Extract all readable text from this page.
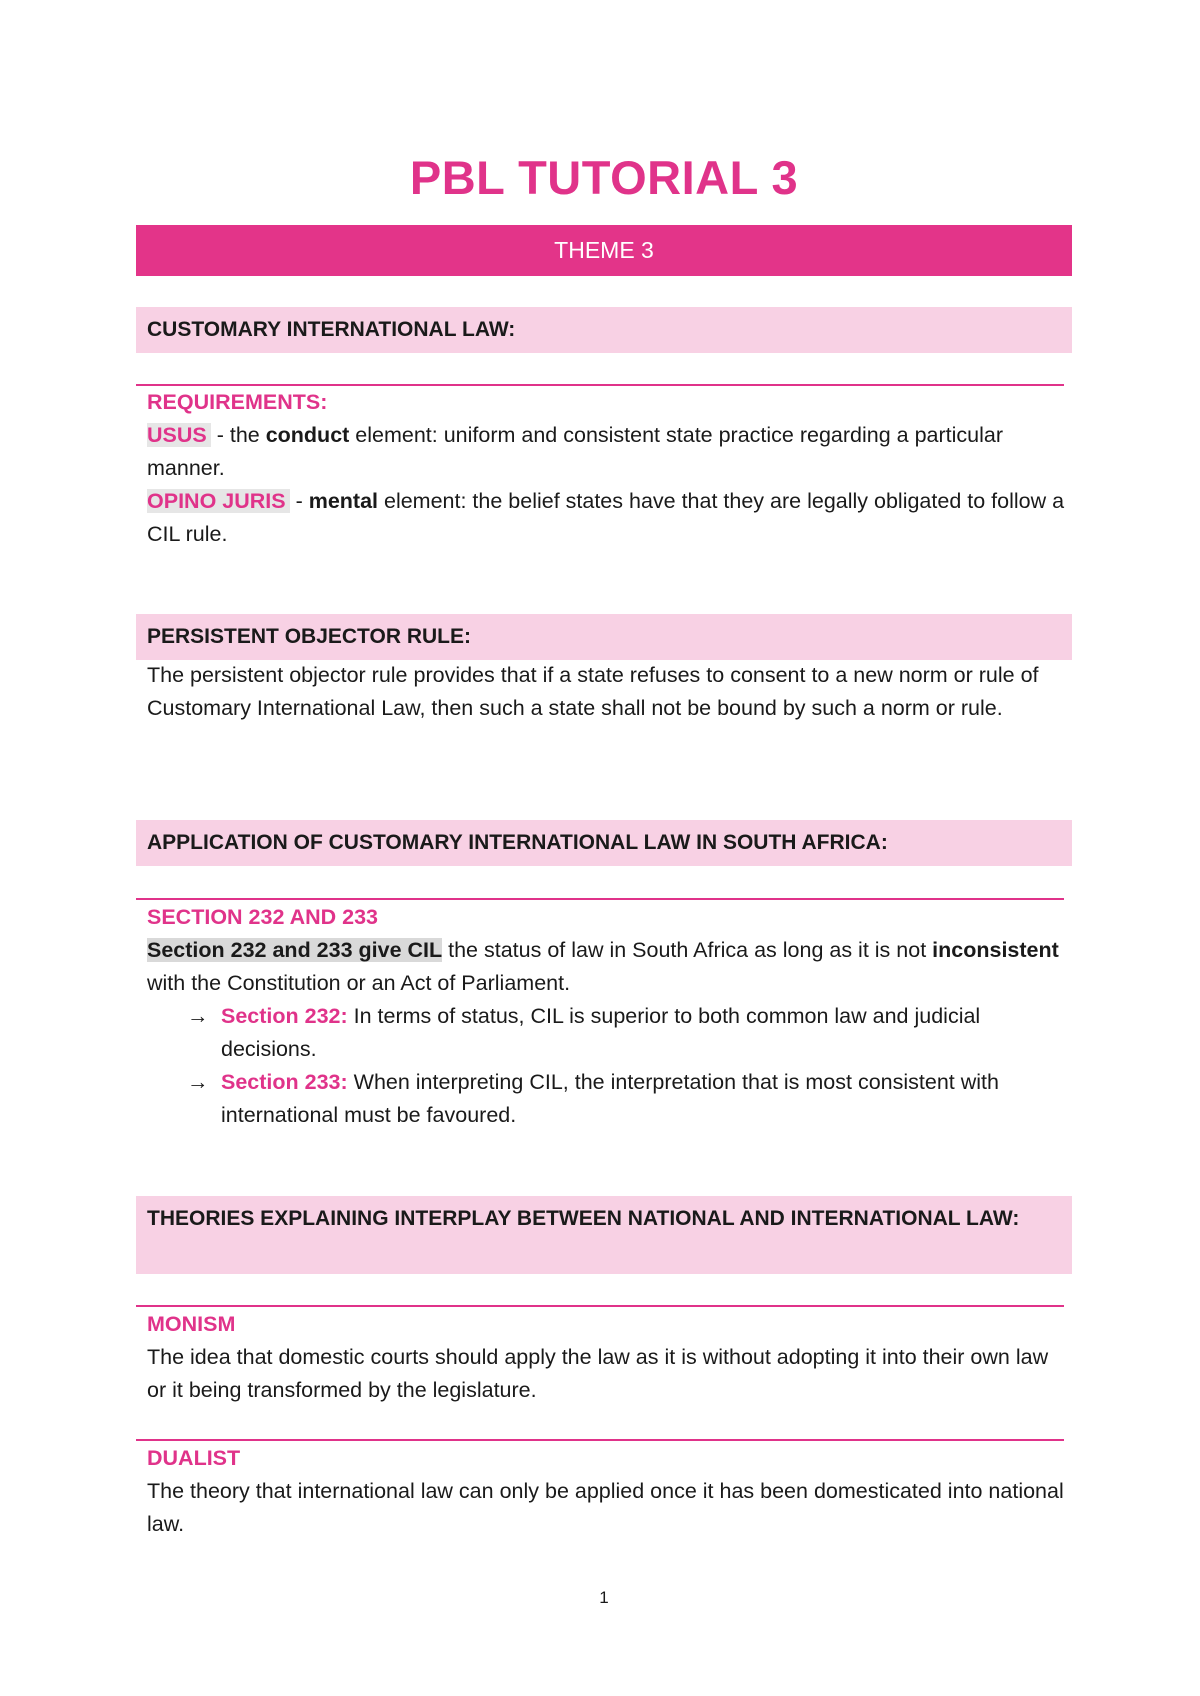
PBL TUTORIAL 3
THEME 3
CUSTOMARY INTERNATIONAL LAW:
REQUIREMENTS:
USUS - the conduct element: uniform and consistent state practice regarding a particular manner.
OPINO JURIS - mental element: the belief states have that they are legally obligated to follow a CIL rule.
PERSISTENT OBJECTOR RULE:
The persistent objector rule provides that if a state refuses to consent to a new norm or rule of Customary International Law, then such a state shall not be bound by such a norm or rule.
APPLICATION OF CUSTOMARY INTERNATIONAL LAW IN SOUTH AFRICA:
SECTION 232 AND 233
Section 232 and 233 give CIL the status of law in South Africa as long as it is not inconsistent with the Constitution or an Act of Parliament.
→ Section 232: In terms of status, CIL is superior to both common law and judicial decisions.
→ Section 233: When interpreting CIL, the interpretation that is most consistent with international must be favoured.
THEORIES EXPLAINING INTERPLAY BETWEEN NATIONAL AND INTERNATIONAL LAW:
MONISM
The idea that domestic courts should apply the law as it is without adopting it into their own law or it being transformed by the legislature.
DUALIST
The theory that international law can only be applied once it has been domesticated into national law.
1
